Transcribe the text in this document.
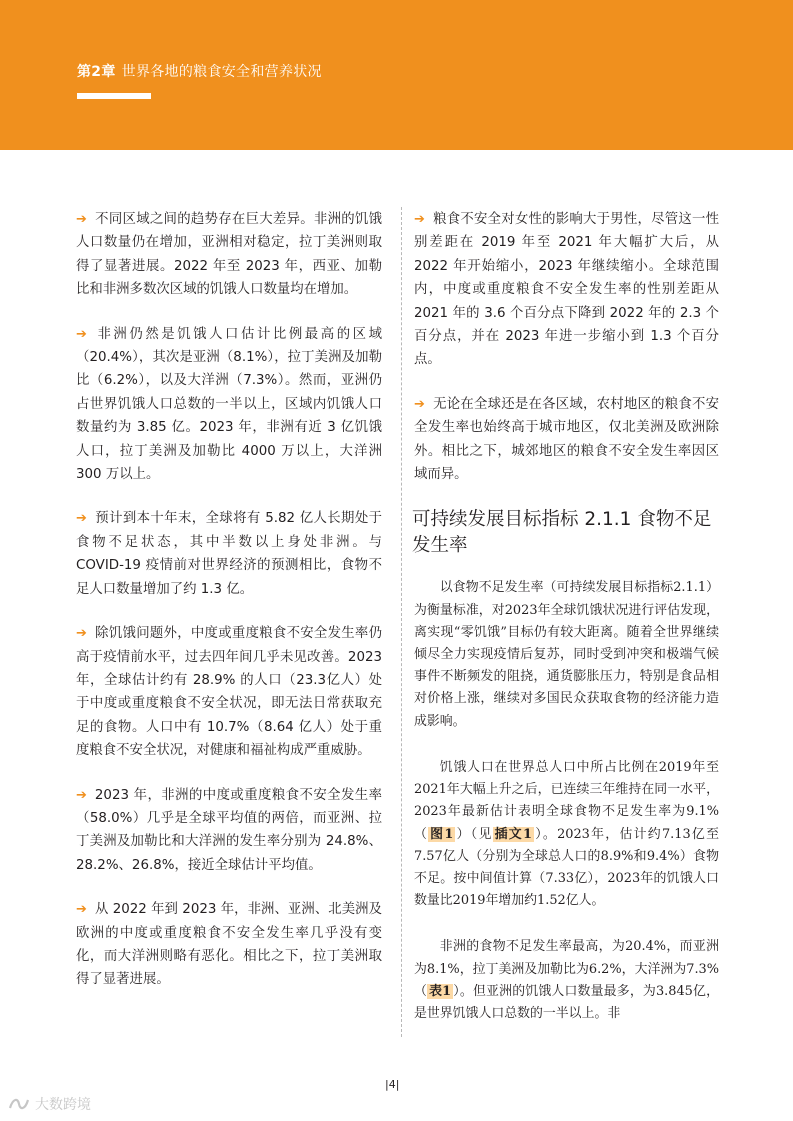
第2章 世界各地的粮食安全和营养状况

➔ 不同区域之间的趋势存在巨大差异。非洲的饥饿人口数量仍在增加，亚洲相对稳定，拉丁美洲则取得了显著进展。2022 年至 2023 年，西亚、加勒比和非洲多数次区域的饥饿人口数量均在增加。

➔ 非洲仍然是饥饿人口估计比例最高的区域（20.4%），其次是亚洲（8.1%），拉丁美洲及加勒比（6.2%），以及大洋洲（7.3%）。然而，亚洲仍占世界饥饿人口总数的一半以上，区域内饥饿人口数量约为 3.85 亿。2023 年，非洲有近 3 亿饥饿人口，拉丁美洲及加勒比 4000 万以上，大洋洲 300 万以上。

➔ 预计到本十年末，全球将有 5.82 亿人长期处于食物不足状态，其中半数以上身处非洲。与 COVID-19 疫情前对世界经济的预测相比，食物不足人口数量增加了约 1.3 亿。

➔ 除饥饿问题外，中度或重度粮食不安全发生率仍高于疫情前水平，过去四年间几乎未见改善。2023 年，全球估计约有 28.9% 的人口（23.3亿人）处于中度或重度粮食不安全状况，即无法日常获取充足的食物。人口中有 10.7%（8.64 亿人）处于重度粮食不安全状况，对健康和福祉构成严重威胁。

➔ 2023 年，非洲的中度或重度粮食不安全发生率（58.0%）几乎是全球平均值的两倍，而亚洲、拉丁美洲及加勒比和大洋洲的发生率分别为 24.8%、28.2%、26.8%，接近全球估计平均值。

➔ 从 2022 年到 2023 年，非洲、亚洲、北美洲及欧洲的中度或重度粮食不安全发生率几乎没有变化，而大洋洲则略有恶化。相比之下，拉丁美洲取得了显著进展。

➔ 粮食不安全对女性的影响大于男性，尽管这一性别差距在 2019 年至 2021 年大幅扩大后，从 2022 年开始缩小，2023 年继续缩小。全球范围内，中度或重度粮食不安全发生率的性别差距从 2021 年的 3.6 个百分点下降到 2022 年的 2.3 个百分点，并在 2023 年进一步缩小到 1.3 个百分点。

➔ 无论在全球还是在各区域，农村地区的粮食不安全发生率也始终高于城市地区，仅北美洲及欧洲除外。相比之下，城郊地区的粮食不安全发生率因区域而异。

可持续发展目标指标 2.1.1 食物不足发生率

以食物不足发生率（可持续发展目标指标2.1.1）为衡量标准，对2023年全球饥饿状况进行评估发现，离实现“零饥饿”目标仍有较大距离。随着全世界继续倾尽全力实现疫情后复苏，同时受到冲突和极端气候事件不断频发的阻挠，通货膨胀压力，特别是食品相对价格上涨，继续对多国民众获取食物的经济能力造成影响。

饥饿人口在世界总人口中所占比例在2019年至2021年大幅上升之后，已连续三年维持在同一水平，2023年最新估计表明全球食物不足发生率为9.1%（ 图1 ）（见 插文1 ）。2023年，估计约7.13亿至7.57亿人（分别为全球总人口的8.9%和9.4%）食物不足。按中间值计算（7.33亿），2023年的饥饿人口数量比2019年增加约1.52亿人。

非洲的食物不足发生率最高，为20.4%，而亚洲为8.1%，拉丁美洲及加勒比为6.2%，大洋洲为7.3%（ 表1 ）。但亚洲的饥饿人口数量最多，为3.845亿，是世界饥饿人口总数的一半以上。非

|4|
大数跨境
